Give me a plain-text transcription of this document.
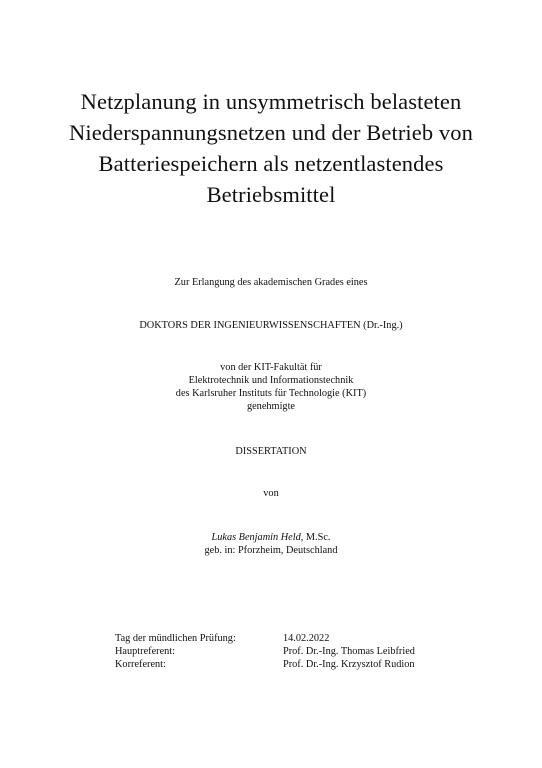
Netzplanung in unsymmetrisch belasteten
Niederspannungsnetzen und der Betrieb von
Batteriespeichern als netzentlastendes
Betriebsmittel
Zur Erlangung des akademischen Grades eines
DOKTORS DER INGENIEURWISSENSCHAFTEN (Dr.-Ing.)
von der KIT-Fakultät für
Elektrotechnik und Informationstechnik
des Karlsruher Instituts für Technologie (KIT)
genehmigte
DISSERTATION
von
Lukas Benjamin Held, M.Sc.
geb. in: Pforzheim, Deutschland
Tag der mündlichen Prüfung:	14.02.2022
Hauptreferent:	Prof. Dr.-Ing. Thomas Leibfried
Korreferent:	Prof. Dr.-Ing. Krzysztof Rudion
